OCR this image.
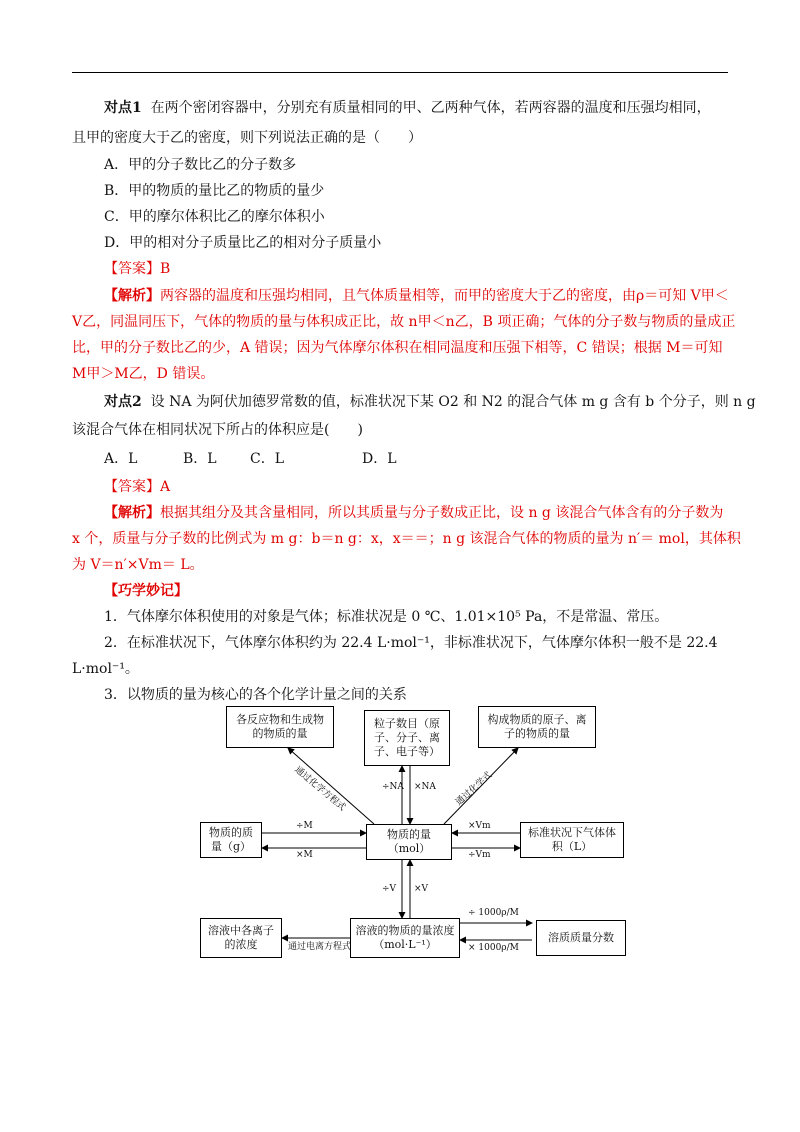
对点1 在两个密闭容器中，分别充有质量相同的甲、乙两种气体，若两容器的温度和压强均相同，
且甲的密度大于乙的密度，则下列说法正确的是（　　）
A．甲的分子数比乙的分子数多
B．甲的物质的量比乙的物质的量少
C．甲的摩尔体积比乙的摩尔体积小
D．甲的相对分子质量比乙的相对分子质量小
【答案】B
【解析】两容器的温度和压强均相同，且气体质量相等，而甲的密度大于乙的密度，由ρ＝可知 V甲＜
V乙，同温同压下，气体的物质的量与体积成正比，故 n甲＜n乙，B 项正确；气体的分子数与物质的量成正
比，甲的分子数比乙的少，A 错误；因为气体摩尔体积在相同温度和压强下相等，C 错误；根据 M＝可知
M甲＞M乙，D 错误。
对点2 设 NA 为阿伏加德罗常数的值，标准状况下某 O2 和 N2 的混合气体 m g 含有 b 个分子，则 n g
该混合气体在相同状况下所占的体积应是(　　)
A．L	B．L	C．L	D．L
【答案】A
【解析】根据其组分及其含量相同，所以其质量与分子数成正比，设 n g 该混合气体含有的分子数为
x 个，质量与分子数的比例式为 m g：b＝n g：x，x＝＝；n g 该混合气体的物质的量为 n′＝ mol，其体积
为 V＝n′×Vm＝ L。
【巧学妙记】
1．气体摩尔体积使用的对象是气体；标准状况是 0 ℃、1.01×10⁵ Pa，不是常温、常压。
2．在标准状况下，气体摩尔体积约为 22.4 L·mol⁻¹，非标准状况下，气体摩尔体积一般不是 22.4
L·mol⁻¹。
3．以物质的量为核心的各个化学计量之间的关系
各反应物和生成物的物质的量
粒子数目（原子、分子、离子、电子等）
构成物质的原子、离子的物质的量
物质的质量（g）
物质的量（mol）
标准状况下气体体积（L）
溶液中各离子的浓度
溶液的物质的量浓度（mol·L⁻¹）
溶质质量分数
通过化学方程式	通过化学式
÷NA ×NA
÷M
×M
×Vm
÷Vm
÷V ×V
通过电离方程式
÷ 1000ρ/M
× 1000ρ/M
